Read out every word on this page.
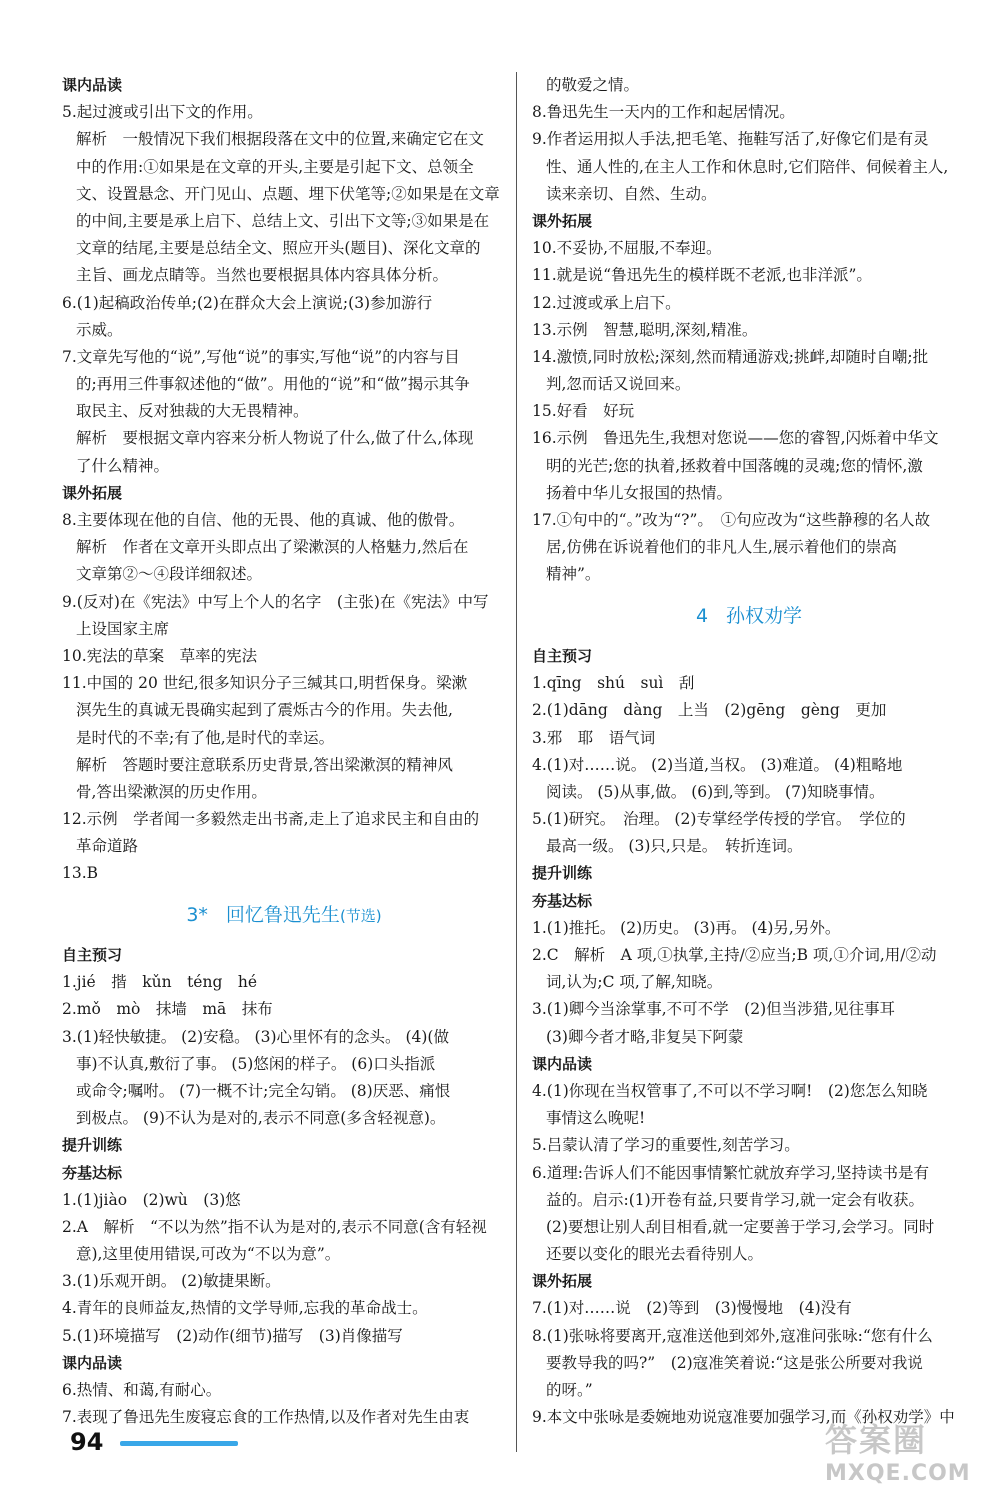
课内品读
5.起过渡或引出下文的作用。
解析　一般情况下我们根据段落在文中的位置,来确定它在文
中的作用:①如果是在文章的开头,主要是引起下文、总领全
文、设置悬念、开门见山、点题、埋下伏笔等;②如果是在文章
的中间,主要是承上启下、总结上文、引出下文等;③如果是在
文章的结尾,主要是总结全文、照应开头(题目)、深化文章的
主旨、画龙点睛等。当然也要根据具体内容具体分析。
6.(1)起稿政治传单;(2)在群众大会上演说;(3)参加游行
示威。
7.文章先写他的“说”,写他“说”的事实,写他“说”的内容与目
的;再用三件事叙述他的“做”。用他的“说”和“做”揭示其争
取民主、反对独裁的大无畏精神。
解析　要根据文章内容来分析人物说了什么,做了什么,体现
了什么精神。
课外拓展
8.主要体现在他的自信、他的无畏、他的真诚、他的傲骨。
解析　作者在文章开头即点出了梁漱溟的人格魅力,然后在
文章第②～④段详细叙述。
9.(反对)在《宪法》中写上个人的名字　(主张)在《宪法》中写
上设国家主席
10.宪法的草案　草率的宪法
11.中国的 20 世纪,很多知识分子三缄其口,明哲保身。梁漱
溟先生的真诚无畏确实起到了震烁古今的作用。失去他,
是时代的不幸;有了他,是时代的幸运。
解析　答题时要注意联系历史背景,答出梁漱溟的精神风
骨,答出梁漱溟的历史作用。
12.示例　学者闻一多毅然走出书斋,走上了追求民主和自由的
革命道路
13.B
3* 回忆鲁迅先生(节选)
自主预习
1.jié　揩　kǔn　téng　hé
2.mǒ　mò　抹墙　mā　抹布
3.(1)轻快敏捷。 (2)安稳。 (3)心里怀有的念头。 (4)(做
事)不认真,敷衍了事。 (5)悠闲的样子。 (6)口头指派
或命令;嘱咐。 (7)一概不计;完全勾销。 (8)厌恶、痛恨
到极点。 (9)不认为是对的,表示不同意(多含轻视意)。
提升训练
夯基达标
1.(1)jiào　(2)wù　(3)悠
2.A　解析　“不以为然”指不认为是对的,表示不同意(含有轻视
意),这里使用错误,可改为“不以为意”。
3.(1)乐观开朗。 (2)敏捷果断。
4.青年的良师益友,热情的文学导师,忘我的革命战士。
5.(1)环境描写　(2)动作(细节)描写　(3)肖像描写
课内品读
6.热情、和蔼,有耐心。
7.表现了鲁迅先生废寝忘食的工作热情,以及作者对先生由衷
的敬爱之情。
8.鲁迅先生一天内的工作和起居情况。
9.作者运用拟人手法,把毛笔、拖鞋写活了,好像它们是有灵
性、通人性的,在主人工作和休息时,它们陪伴、伺候着主人,
读来亲切、自然、生动。
课外拓展
10.不妥协,不屈服,不奉迎。
11.就是说“鲁迅先生的模样既不老派,也非洋派”。
12.过渡或承上启下。
13.示例　智慧,聪明,深刻,精准。
14.激愤,同时放松;深刻,然而精通游戏;挑衅,却随时自嘲;批
判,忽而话又说回来。
15.好看　好玩
16.示例　鲁迅先生,我想对您说——您的睿智,闪烁着中华文
明的光芒;您的执着,拯救着中国落魄的灵魂;您的情怀,激
扬着中华儿女报国的热情。
17.①句中的“。”改为“?”。　①句应改为“这些静穆的名人故
居,仿佛在诉说着他们的非凡人生,展示着他们的崇高
精神”。
4 孙权劝学
自主预习
1.qīng　shú　suì　刮
2.(1)dāng　dàng　上当　(2)gēng　gèng　更加
3.邪　耶　语气词
4.(1)对……说。 (2)当道,当权。 (3)难道。 (4)粗略地
阅读。 (5)从事,做。 (6)到,等到。 (7)知晓事情。
5.(1)研究。　治理。 (2)专掌经学传授的学官。　学位的
最高一级。 (3)只,只是。　转折连词。
提升训练
夯基达标
1.(1)推托。 (2)历史。 (3)再。 (4)另,另外。
2.C　解析　A 项,①执掌,主持/②应当;B 项,①介词,用/②动
词,认为;C 项,了解,知晓。
3.(1)卿今当涂掌事,不可不学　(2)但当涉猎,见往事耳
(3)卿今者才略,非复吴下阿蒙
课内品读
4.(1)你现在当权管事了,不可以不学习啊!　(2)您怎么知晓
事情这么晚呢!
5.吕蒙认清了学习的重要性,刻苦学习。
6.道理:告诉人们不能因事情繁忙就放弃学习,坚持读书是有
益的。启示:(1)开卷有益,只要肯学习,就一定会有收获。
(2)要想让别人刮目相看,就一定要善于学习,会学习。同时
还要以变化的眼光去看待别人。
课外拓展
7.(1)对……说　(2)等到　(3)慢慢地　(4)没有
8.(1)张咏将要离开,寇准送他到郊外,寇准问张咏:“您有什么
要教导我的吗?”　(2)寇准笑着说:“这是张公所要对我说
的呀。”
9.本文中张咏是委婉地劝说寇准要加强学习,而《孙权劝学》中
94	答案圈
MXQE.COM
